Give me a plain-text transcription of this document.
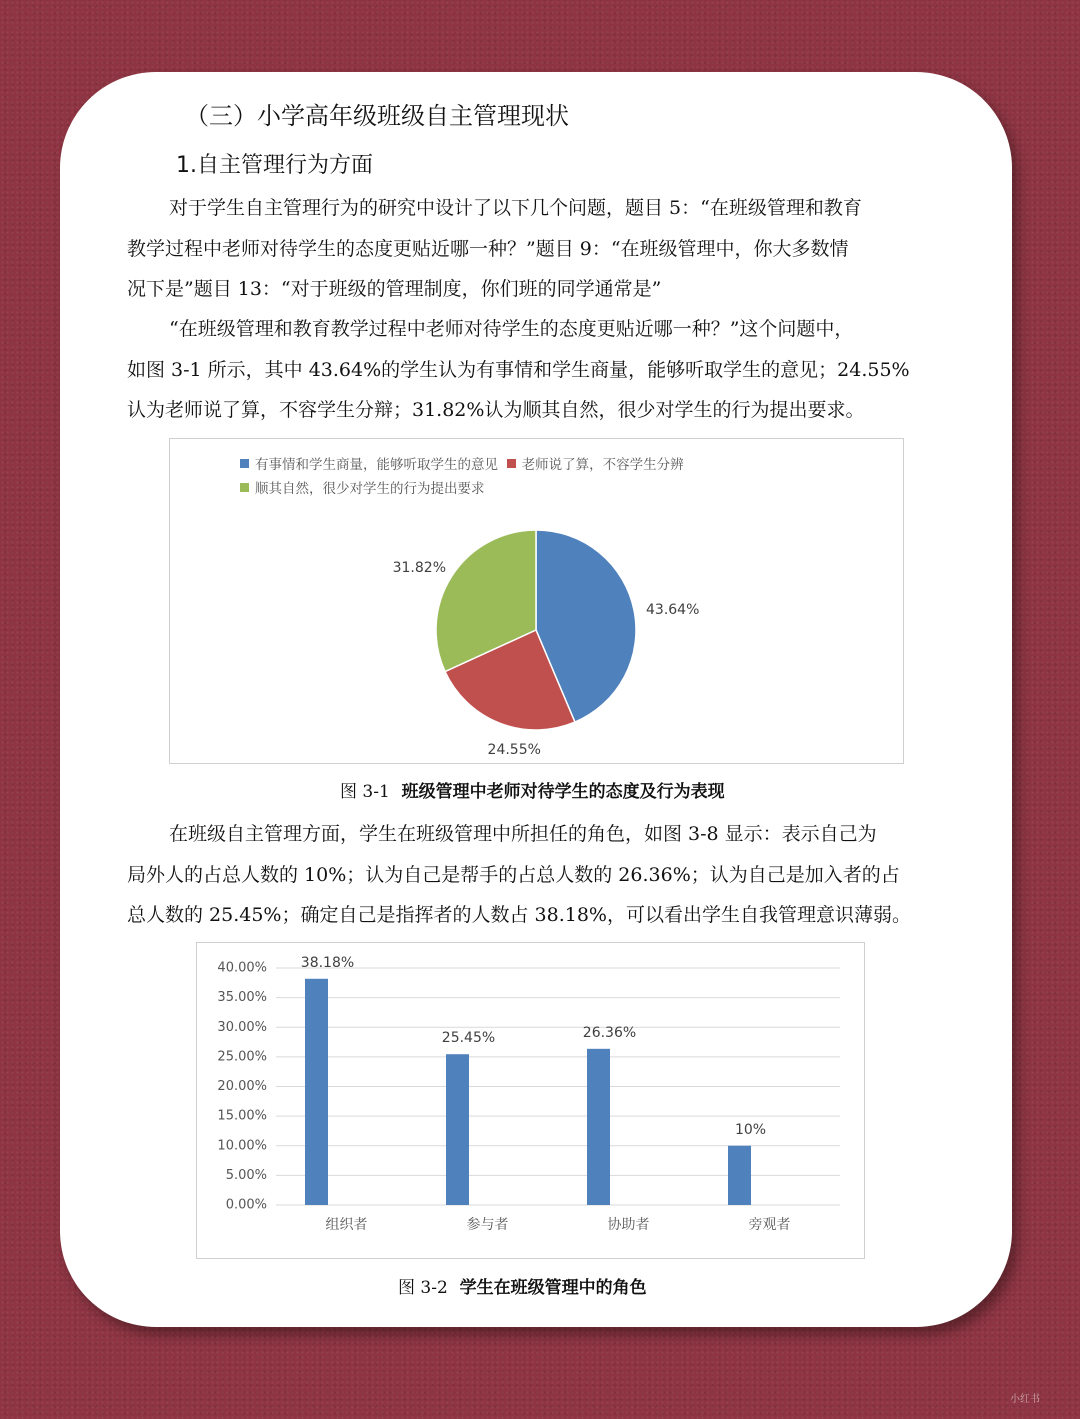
（三）小学高年级班级自主管理现状
1.自主管理行为方面
对于学生自主管理行为的研究中设计了以下几个问题，题目 5：“在班级管理和教育
教学过程中老师对待学生的态度更贴近哪一种？”题目 9：“在班级管理中，你大多数情
况下是”题目 13：“对于班级的管理制度，你们班的同学通常是”
“在班级管理和教育教学过程中老师对待学生的态度更贴近哪一种？”这个问题中，
如图 3-1 所示，其中 43.64%的学生认为有事情和学生商量，能够听取学生的意见；24.55%
认为老师说了算，不容学生分辩；31.82%认为顺其自然，很少对学生的行为提出要求。
有事情和学生商量，能够听取学生的意见 老师说了算，不容学生分辨
顺其自然，很少对学生的行为提出要求
43.64%
24.55%
31.82%
图 3-1 班级管理中老师对待学生的态度及行为表现
在班级自主管理方面，学生在班级管理中所担任的角色，如图 3-8 显示：表示自己为
局外人的占总人数的 10%；认为自己是帮手的占总人数的 26.36%；认为自己是加入者的占
总人数的 25.45%；确定自己是指挥者的人数占 38.18%，可以看出学生自我管理意识薄弱。
0.00%
5.00%
10.00%
15.00%
20.00%
25.00%
30.00%
35.00%
40.00% 38.18%
组织者
25.45%
参与者
26.36%
协助者
10%
旁观者
图 3-2 学生在班级管理中的角色
小红书
